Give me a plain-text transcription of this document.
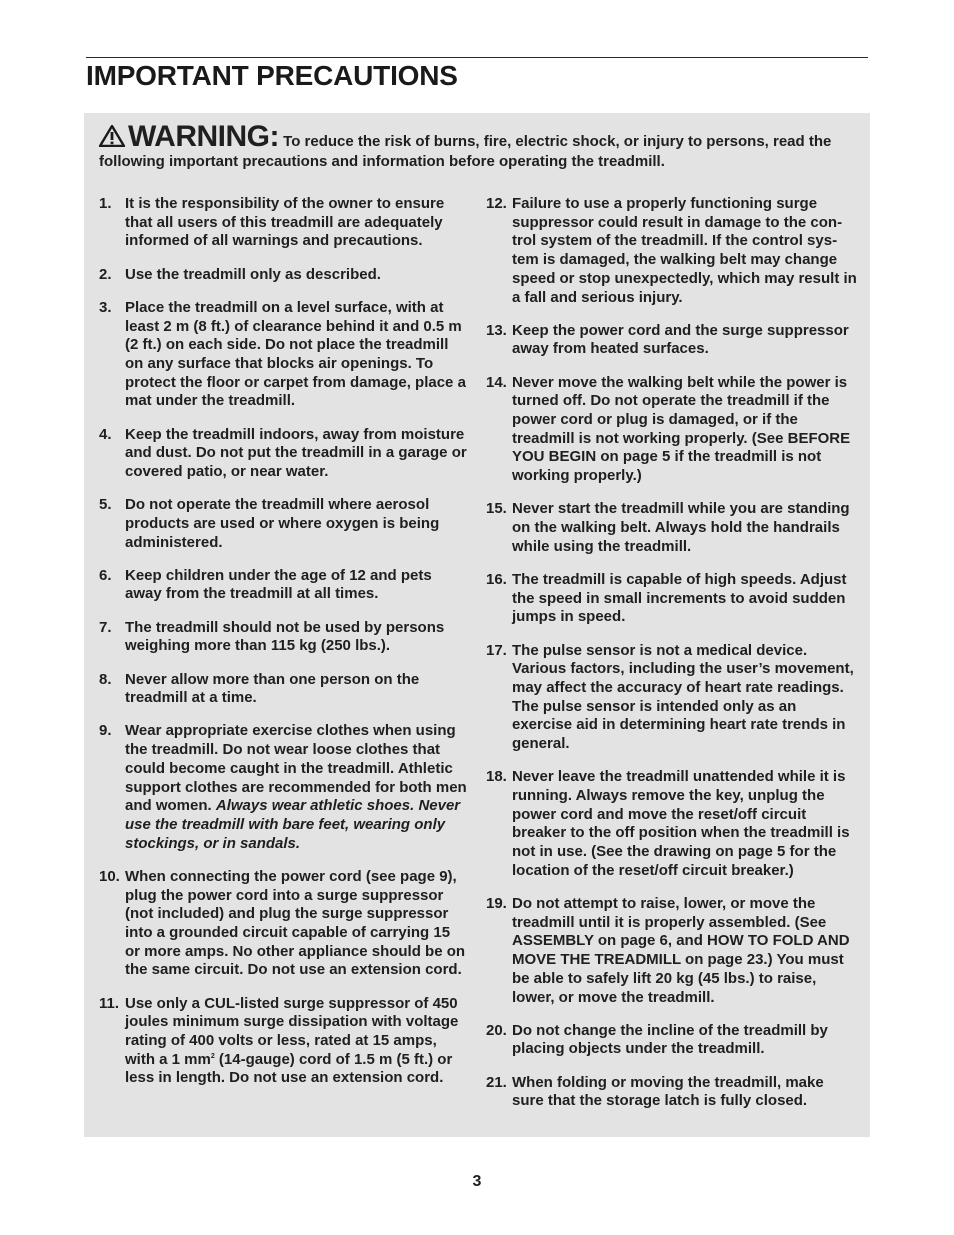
IMPORTANT PRECAUTIONS
WARNING: To reduce the risk of burns, fire, electric shock, or injury to persons, read the
following important precautions and information before operating the treadmill.
1. It is the responsibility of the owner to ensure that all users of this treadmill are adequately informed of all warnings and precautions.
2. Use the treadmill only as described.
3. Place the treadmill on a level surface, with at least 2 m (8 ft.) of clearance behind it and 0.5 m (2 ft.) on each side. Do not place the treadmill on any surface that blocks air openings. To protect the floor or carpet from damage, place a mat under the treadmill.
4. Keep the treadmill indoors, away from moisture and dust. Do not put the treadmill in a garage or covered patio, or near water.
5. Do not operate the treadmill where aerosol products are used or where oxygen is being administered.
6. Keep children under the age of 12 and pets away from the treadmill at all times.
7. The treadmill should not be used by persons weighing more than 115 kg (250 lbs.).
8. Never allow more than one person on the treadmill at a time.
9. Wear appropriate exercise clothes when using the treadmill. Do not wear loose clothes that could become caught in the treadmill. Athletic support clothes are recommended for both men and women. Always wear athletic shoes. Never use the treadmill with bare feet, wearing only stockings, or in sandals.
10. When connecting the power cord (see page 9), plug the power cord into a surge suppressor (not included) and plug the surge suppressor into a grounded circuit capable of carrying 15 or more amps. No other appliance should be on the same circuit. Do not use an extension cord.
11. Use only a CUL-listed surge suppressor of 450 joules minimum surge dissipation with voltage rating of 400 volts or less, rated at 15 amps, with a 1 $mm^2$ (14-gauge) cord of 1.5 m (5 ft.) or less in length. Do not use an extension cord.
12. Failure to use a properly functioning surge suppressor could result in damage to the control system of the treadmill. If the control system is damaged, the walking belt may change speed or stop unexpectedly, which may result in a fall and serious injury.
13. Keep the power cord and the surge suppressor away from heated surfaces.
14. Never move the walking belt while the power is turned off. Do not operate the treadmill if the power cord or plug is damaged, or if the treadmill is not working properly. (See BEFORE YOU BEGIN on page 5 if the treadmill is not working properly.)
15. Never start the treadmill while you are standing on the walking belt. Always hold the handrails while using the treadmill.
16. The treadmill is capable of high speeds. Adjust the speed in small increments to avoid sudden jumps in speed.
17. The pulse sensor is not a medical device. Various factors, including the user’s movement, may affect the accuracy of heart rate readings. The pulse sensor is intended only as an exercise aid in determining heart rate trends in general.
18. Never leave the treadmill unattended while it is running. Always remove the key, unplug the power cord and move the reset/off circuit breaker to the off position when the treadmill is not in use. (See the drawing on page 5 for the location of the reset/off circuit breaker.)
19. Do not attempt to raise, lower, or move the treadmill until it is properly assembled. (See ASSEMBLY on page 6, and HOW TO FOLD AND MOVE THE TREADMILL on page 23.) You must be able to safely lift 20 kg (45 lbs.) to raise, lower, or move the treadmill.
20. Do not change the incline of the treadmill by placing objects under the treadmill.
21. When folding or moving the treadmill, make sure that the storage latch is fully closed.
3
